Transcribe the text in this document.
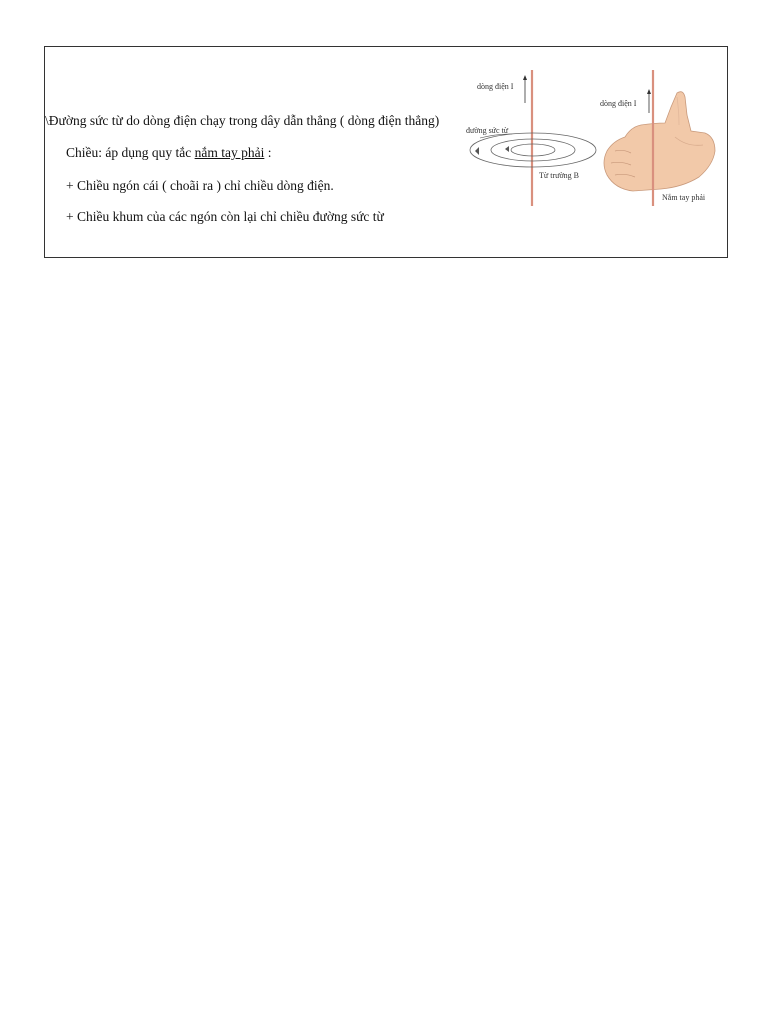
\Đường sức từ do dòng điện chạy trong dây dẫn thẳng ( dòng điện thẳng)
Chiều: áp dụng quy tắc nắm tay phải :
+ Chiều ngón cái ( choãi ra ) chỉ chiều dòng điện.
+ Chiều khum của các ngón còn lại chỉ chiều đường sức từ
dòng điện I
đường sức từ
Từ trường B
dòng điện I
Nắm tay phải
